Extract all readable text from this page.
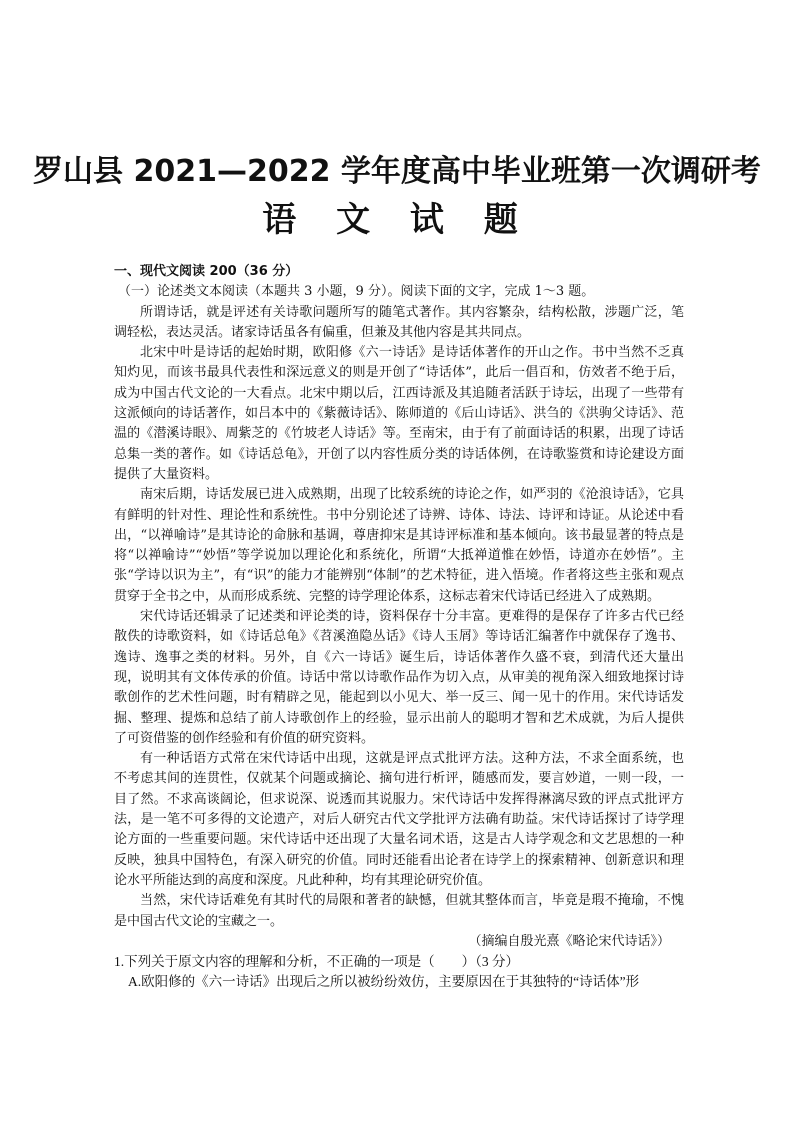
罗山县 2021—2022 学年度高中毕业班第一次调研考
语 文 试 题
一、现代文阅读 200（36 分）

（一）论述类文本阅读（本题共 3 小题，9 分）。阅读下面的文字，完成 1～3 题。

所谓诗话，就是评述有关诗歌问题所写的随笔式著作。其内容繁杂，结构松散，涉题广泛，笔调轻松，表达灵活。诸家诗话虽各有偏重，但兼及其他内容是其共同点。

北宋中叶是诗话的起始时期，欧阳修《六一诗话》是诗话体著作的开山之作。书中当然不乏真知灼见，而该书最具代表性和深远意义的则是开创了“诗话体”，此后一倡百和，仿效者不绝于后，成为中国古代文论的一大看点。北宋中期以后，江西诗派及其追随者活跃于诗坛，出现了一些带有这派倾向的诗话著作，如吕本中的《紫薇诗话》、陈师道的《后山诗话》、洪刍的《洪驹父诗话》、范温的《潜溪诗眼》、周紫芝的《竹坡老人诗话》等。至南宋，由于有了前面诗话的积累，出现了诗话总集一类的著作。如《诗话总龟》，开创了以内容性质分类的诗话体例，在诗歌鉴赏和诗论建设方面提供了大量资料。

南宋后期，诗话发展已进入成熟期，出现了比较系统的诗论之作，如严羽的《沧浪诗话》，它具有鲜明的针对性、理论性和系统性。书中分别论述了诗辨、诗体、诗法、诗评和诗证。从论述中看出，“以禅喻诗”是其诗论的命脉和基调，尊唐抑宋是其诗评标准和基本倾向。该书最显著的特点是将“以禅喻诗”“妙悟”等学说加以理论化和系统化，所谓“大抵禅道惟在妙悟，诗道亦在妙悟”。主张“学诗以识为主”，有“识”的能力才能辨别“体制”的艺术特征，进入悟境。作者将这些主张和观点贯穿于全书之中，从而形成系统、完整的诗学理论体系，这标志着宋代诗话已经进入了成熟期。

宋代诗话还辑录了记述类和评论类的诗，资料保存十分丰富。更难得的是保存了许多古代已经散佚的诗歌资料，如《诗话总龟》《苕溪渔隐丛话》《诗人玉屑》等诗话汇编著作中就保存了逸书、逸诗、逸事之类的材料。另外，自《六一诗话》诞生后，诗话体著作久盛不衰，到清代还大量出现，说明其有文体传承的价值。诗话中常以诗歌作品作为切入点，从审美的视角深入细致地探讨诗歌创作的艺术性问题，时有精辟之见，能起到以小见大、举一反三、闻一见十的作用。宋代诗话发掘、整理、提炼和总结了前人诗歌创作上的经验，显示出前人的聪明才智和艺术成就，为后人提供了可资借鉴的创作经验和有价值的研究资料。

有一种话语方式常在宋代诗话中出现，这就是评点式批评方法。这种方法，不求全面系统，也不考虑其间的连贯性，仅就某个问题或摘论、摘句进行析评，随感而发，要言妙道，一则一段，一目了然。不求高谈阔论，但求说深、说透而其说服力。宋代诗话中发挥得淋漓尽致的评点式批评方法，是一笔不可多得的文论遗产，对后人研究古代文学批评方法确有助益。宋代诗话探讨了诗学理论方面的一些重要问题。宋代诗话中还出现了大量名词术语，这是古人诗学观念和文艺思想的一种反映，独具中国特色，有深入研究的价值。同时还能看出论者在诗学上的探索精神、创新意识和理论水平所能达到的高度和深度。凡此种种，均有其理论研究价值。

当然，宋代诗话难免有其时代的局限和著者的缺憾，但就其整体而言，毕竟是瑕不掩瑜，不愧是中国古代文论的宝藏之一。

（摘编自殷光熹《略论宋代诗话》）

1.下列关于原文内容的理解和分析，不正确的一项是（　　）（3 分）

A.欧阳修的《六一诗话》出现后之所以被纷纷效仿，主要原因在于其独特的“诗话体”形
